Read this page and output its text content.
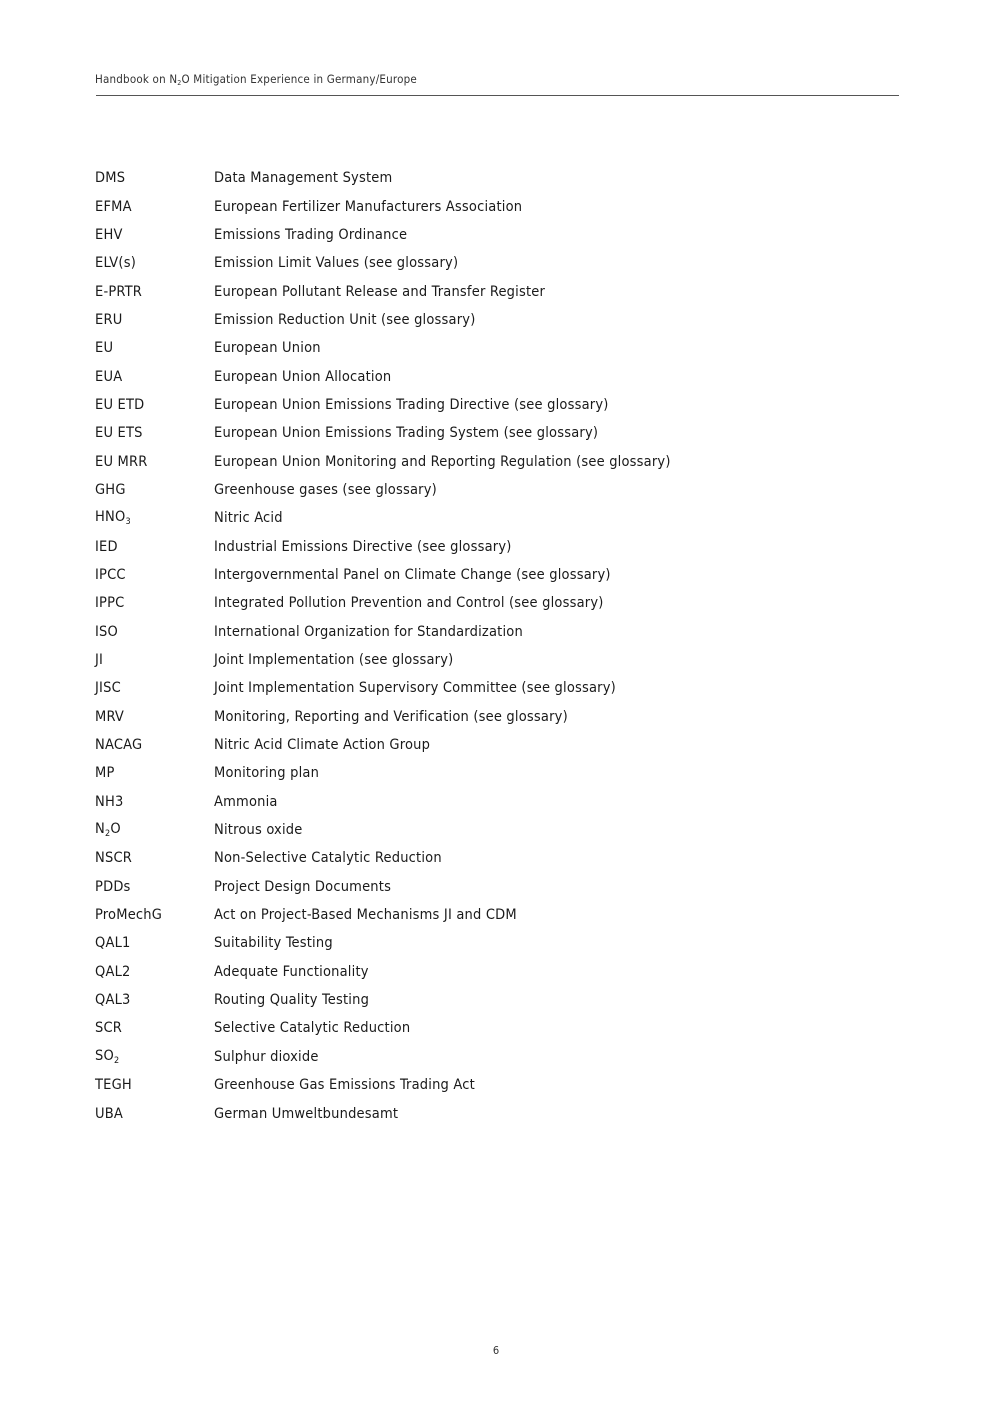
Handbook on $N_2O$ Mitigation Experience in Germany/Europe
DMS	Data Management System
EFMA	European Fertilizer Manufacturers Association
EHV	Emissions Trading Ordinance
ELV(s)	Emission Limit Values (see glossary)
E-PRTR	European Pollutant Release and Transfer Register
ERU	Emission Reduction Unit (see glossary)
EU	European Union
EUA	European Union Allocation
EU ETD	European Union Emissions Trading Directive (see glossary)
EU ETS	European Union Emissions Trading System (see glossary)
EU MRR	European Union Monitoring and Reporting Regulation (see glossary)
GHG	Greenhouse gases (see glossary)
$HNO_3$	Nitric Acid
IED	Industrial Emissions Directive (see glossary)
IPCC	Intergovernmental Panel on Climate Change (see glossary)
IPPC	Integrated Pollution Prevention and Control (see glossary)
ISO	International Organization for Standardization
JI	Joint Implementation (see glossary)
JISC	Joint Implementation Supervisory Committee (see glossary)
MRV	Monitoring, Reporting and Verification (see glossary)
NACAG	Nitric Acid Climate Action Group
MP	Monitoring plan
NH3	Ammonia
$N_2O$	Nitrous oxide
NSCR	Non-Selective Catalytic Reduction
PDDs	Project Design Documents
ProMechG	Act on Project-Based Mechanisms JI and CDM
QAL1	Suitability Testing
QAL2	Adequate Functionality
QAL3	Routing Quality Testing
SCR	Selective Catalytic Reduction
$SO_2$	Sulphur dioxide
TEGH	Greenhouse Gas Emissions Trading Act
UBA	German Umweltbundesamt
6
